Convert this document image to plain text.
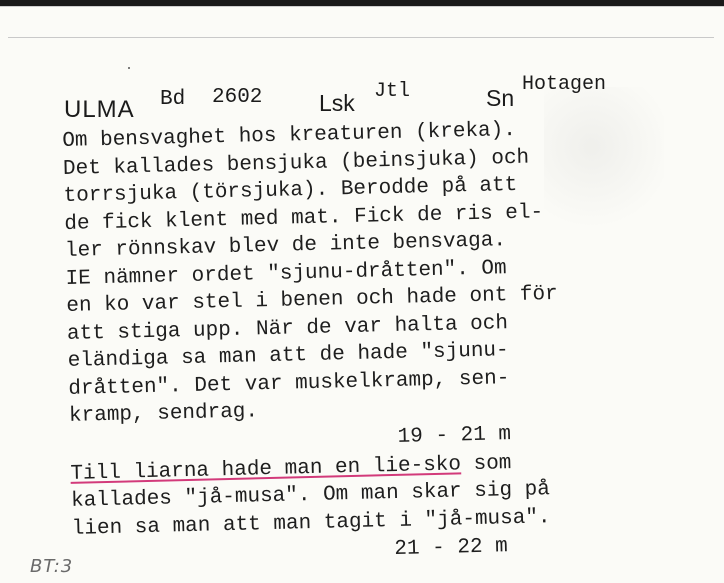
ULMA Bd 2602 Lsk Jtl	Sn
Hotagen
Om bensvaghet hos kreaturen (kreka).
Det kallades bensjuka (beinsjuka) och
torrsjuka (törsjuka). Berodde på att
de fick klent med mat. Fick de ris el-
ler rönnskav blev de inte bensvaga.
IE nämner ordet "sjunu-dråtten". Om
en ko var stel i benen och hade ont för
att stiga upp. När de var halta och
eländiga sa man att de hade "sjunu-
dråtten". Det var muskelkramp, sen-
kramp, sendrag.
19 - 21 m
Till liarna hade man en lie-sko som
kallades "jå-musa". Om man skar sig på
lien sa man att man tagit i "jå-musa".
21 - 22 m
BT:3
